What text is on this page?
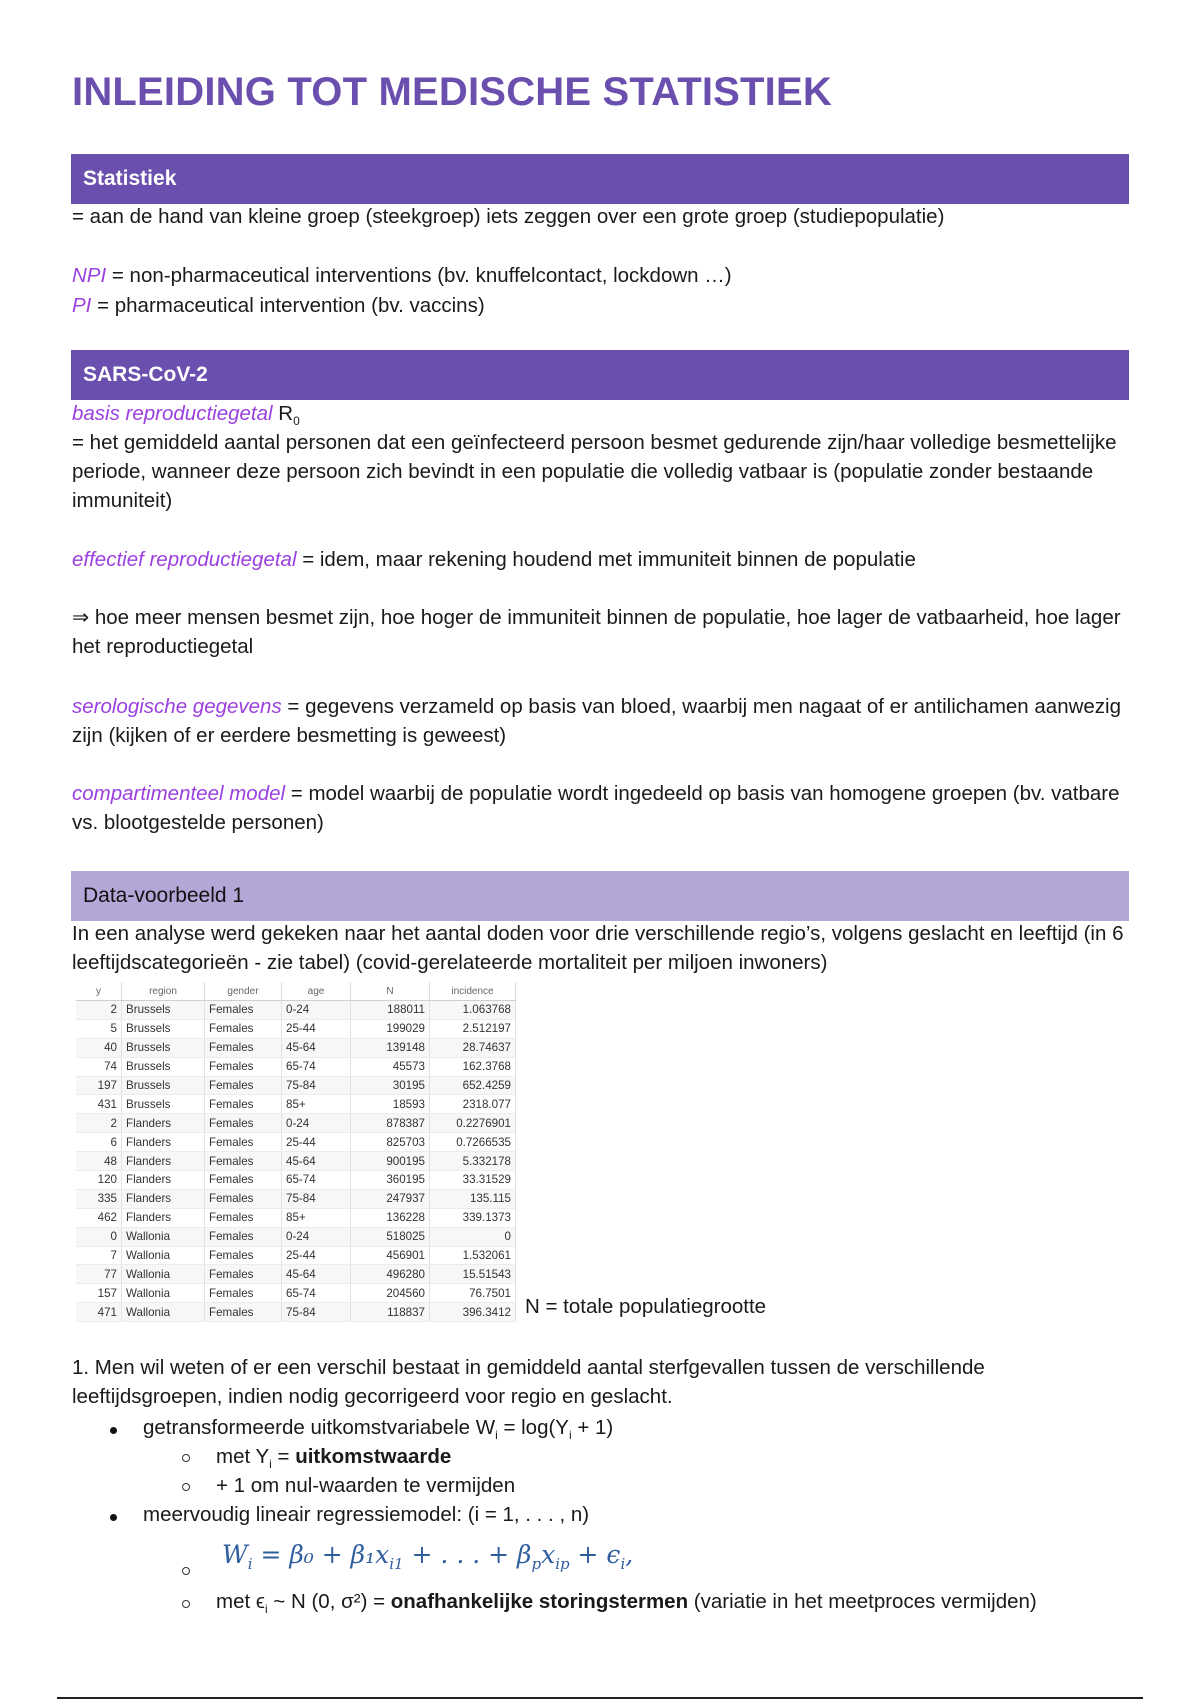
INLEIDING TOT MEDISCHE STATISTIEK
Statistiek

= aan de hand van kleine groep (steekgroep) iets zeggen over een grote groep (studiepopulatie)

NPI = non-pharmaceutical interventions (bv. knuffelcontact, lockdown …)

PI = pharmaceutical intervention (bv. vaccins)

SARS-CoV-2

basis reproductiegetal $R_0$

= het gemiddeld aantal personen dat een geïnfecteerd persoon besmet gedurende zijn/haar volledige besmettelijke periode, wanneer deze persoon zich bevindt in een populatie die volledig vatbaar is (populatie zonder bestaande immuniteit)

effectief reproductiegetal = idem, maar rekening houdend met immuniteit binnen de populatie

⇒ hoe meer mensen besmet zijn, hoe hoger de immuniteit binnen de populatie, hoe lager de vatbaarheid, hoe lager het reproductiegetal

serologische gegevens = gegevens verzameld op basis van bloed, waarbij men nagaat of er antilichamen aanwezig zijn (kijken of er eerdere besmetting is geweest)

compartimenteel model = model waarbij de populatie wordt ingedeeld op basis van homogene groepen (bv. vatbare vs. blootgestelde personen)

Data-voorbeeld 1

In een analyse werd gekeken naar het aantal doden voor drie verschillende regio’s, volgens geslacht en leeftijd (in 6 leeftijdscategorieën - zie tabel) (covid-gerelateerde mortaliteit per miljoen inwoners)

y	region	gender	age	N	incidence
2	Brussels	Females	0-24	188011	1.063768
5	Brussels	Females	25-44	199029	2.512197
40	Brussels	Females	45-64	139148	28.74637
74	Brussels	Females	65-74	45573	162.3768
197	Brussels	Females	75-84	30195	652.4259
431	Brussels	Females	85+	18593	2318.077
2	Flanders	Females	0-24	878387	0.2276901
6	Flanders	Females	25-44	825703	0.7266535
48	Flanders	Females	45-64	900195	5.332178
120	Flanders	Females	65-74	360195	33.31529
335	Flanders	Females	75-84	247937	135.115
462	Flanders	Females	85+	136228	339.1373
0	Wallonia	Females	0-24	518025	0
7	Wallonia	Females	25-44	456901	1.532061
77	Wallonia	Females	45-64	496280	15.51543
157	Wallonia	Females	65-74	204560	76.7501
471	Wallonia	Females	75-84	118837	396.3412 N = totale populatiegrootte

1. Men wil weten of er een verschil bestaat in gemiddeld aantal sterfgevallen tussen de verschillende leeftijdsgroepen, indien nodig gecorrigeerd voor regio en geslacht.

getransformeerde uitkomstvariabele $W_i = \log(Y_i + 1)$
met $Y_i$ = uitkomstwaarde
+ 1 om nul-waarden te vermijden
meervoudig lineair regressiemodel: (i = 1, . . . , n)
$W_i = \beta_0 + \beta_1x_{i1}$ + . . . + $\beta_px_{ip} + \epsilon_i$,
met $\epsilon_i$ ~ N (0, σ²) = onafhankelijke storingstermen (variatie in het meetproces vermijden)
